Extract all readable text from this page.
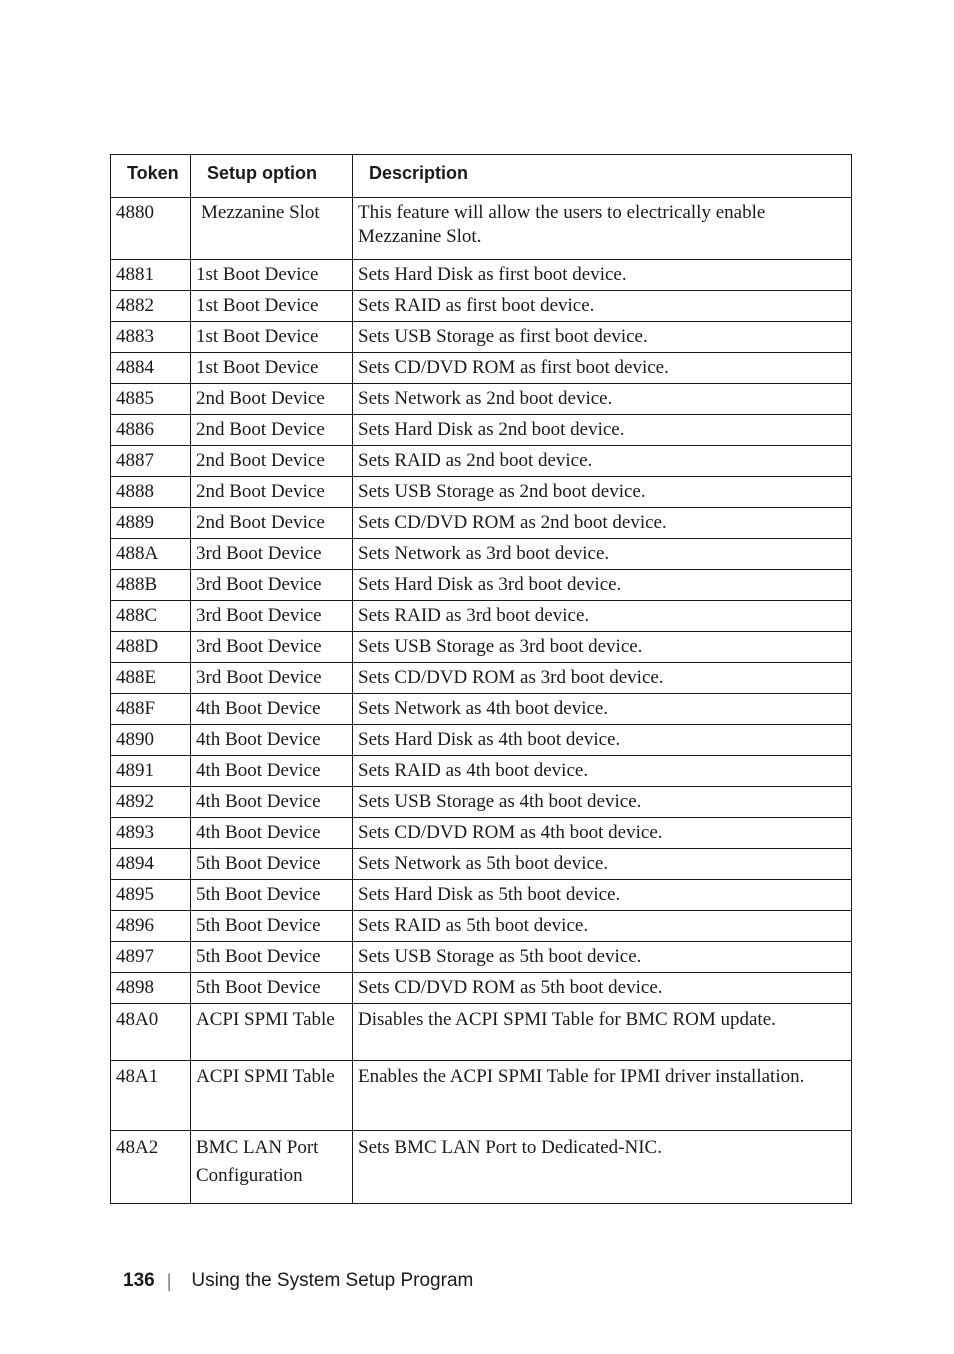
Token	Setup option	Description
4880	Mezzanine Slot	This feature will allow the users to electrically enable Mezzanine Slot.
4881	1st Boot Device	Sets Hard Disk as first boot device.
4882	1st Boot Device	Sets RAID as first boot device.
4883	1st Boot Device	Sets USB Storage as first boot device.
4884	1st Boot Device	Sets CD/DVD ROM as first boot device.
4885	2nd Boot Device	Sets Network as 2nd boot device.
4886	2nd Boot Device	Sets Hard Disk as 2nd boot device.
4887	2nd Boot Device	Sets RAID as 2nd boot device.
4888	2nd Boot Device	Sets USB Storage as 2nd boot device.
4889	2nd Boot Device	Sets CD/DVD ROM as 2nd boot device.
488A	3rd Boot Device	Sets Network as 3rd boot device.
488B	3rd Boot Device	Sets Hard Disk as 3rd boot device.
488C	3rd Boot Device	Sets RAID as 3rd boot device.
488D	3rd Boot Device	Sets USB Storage as 3rd boot device.
488E	3rd Boot Device	Sets CD/DVD ROM as 3rd boot device.
488F	4th Boot Device	Sets Network as 4th boot device.
4890	4th Boot Device	Sets Hard Disk as 4th boot device.
4891	4th Boot Device	Sets RAID as 4th boot device.
4892	4th Boot Device	Sets USB Storage as 4th boot device.
4893	4th Boot Device	Sets CD/DVD ROM as 4th boot device.
4894	5th Boot Device	Sets Network as 5th boot device.
4895	5th Boot Device	Sets Hard Disk as 5th boot device.
4896	5th Boot Device	Sets RAID as 5th boot device.
4897	5th Boot Device	Sets USB Storage as 5th boot device.
4898	5th Boot Device	Sets CD/DVD ROM as 5th boot device.
48A0	ACPI SPMI Table	Disables the ACPI SPMI Table for BMC ROM update.
48A1	ACPI SPMI Table	Enables the ACPI SPMI Table for IPMI driver installation.
48A2	BMC LAN Port Configuration	Sets BMC LAN Port to Dedicated-NIC.
136 | Using the System Setup Program
